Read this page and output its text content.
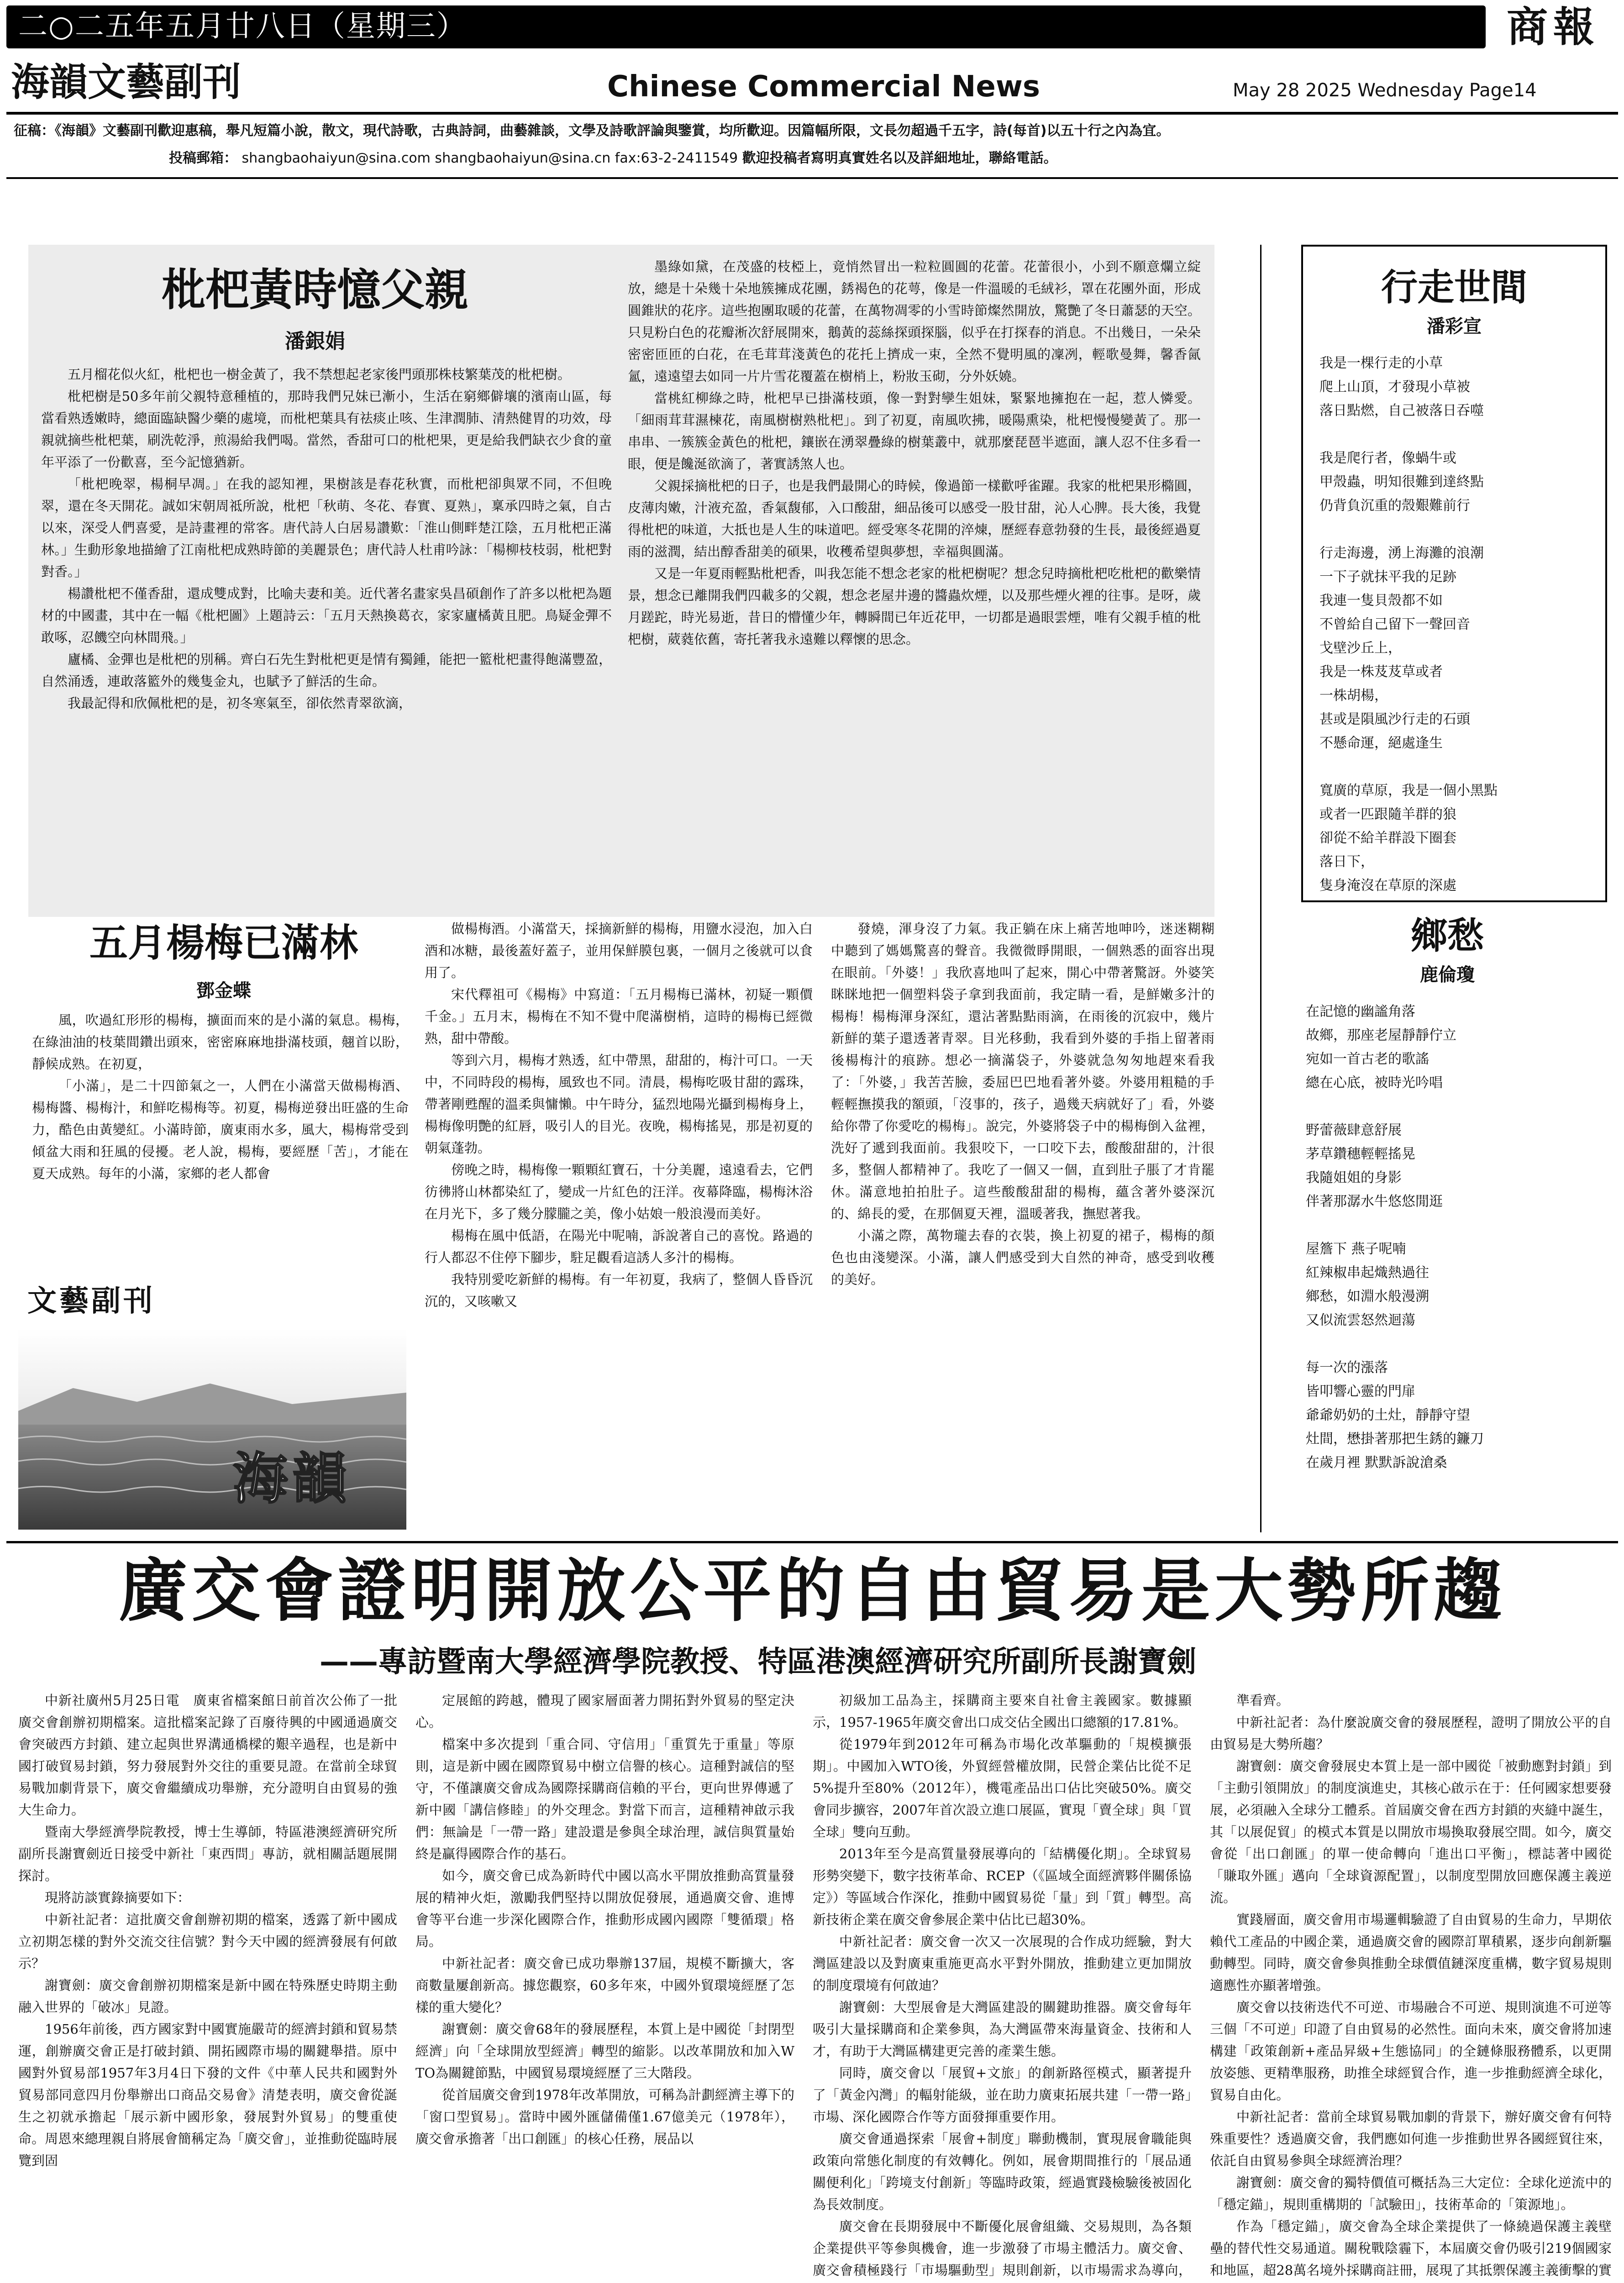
二○二五年五月廿八日（星期三）	商報
海韻文藝副刊	Chinese Commercial News	May 28 2025 Wednesday Page14
征稿：《海韻》文藝副刊歡迎惠稿，舉凡短篇小說，散文，現代詩歌，古典詩詞，曲藝雜談，文學及詩歌評論與鑒賞，均所歡迎。因篇幅所限，文長勿超過千五字，詩(每首)以五十行之內為宜。
投稿郵箱： shangbaohaiyun@sina.com shangbaohaiyun@sina.cn fax:63-2-2411549 歡迎投稿者寫明真實姓名以及詳細地址，聯絡電話。
枇杷黃時憶父親
潘銀娟
五月榴花似火紅，枇杷也一樹金黃了，我不禁想起老家後門頭那株枝繁葉茂的枇杷樹。
枇杷樹是50多年前父親特意種植的，那時我們兄妹已漸小，生活在窮鄉僻壤的濱南山區，每當看熟透嫩時，總面臨缺醫少藥的處境，而枇杷葉具有祛痰止咳、生津潤肺、清熱健胃的功效，母親就摘些枇杷葉，刷洗乾淨，煎湯給我們喝。當然，香甜可口的枇杷果，更是給我們缺衣少食的童年平添了一份歡喜，至今記憶猶新。
「枇杷晚翠，楊桐早凋。」在我的認知裡，果樹該是春花秋實，而枇杷卻與眾不同，不但晚翠，還在冬天開花。誠如宋朝周祗所說，枇杷「秋萌、冬花、春實、夏熟」，稟承四時之氣，自古以來，深受人們喜愛，是詩畫裡的常客。唐代詩人白居易讚歎：「淮山側畔楚江陰，五月枇杷正滿林。」生動形象地描繪了江南枇杷成熟時節的美麗景色；唐代詩人杜甫吟詠：「楊柳枝枝弱，枇杷對對香。」
楊讚枇杷不僅香甜，還成雙成對，比喻夫妻和美。近代著名畫家吳昌碩創作了許多以枇杷為題材的中國畫，其中在一幅《枇杷圖》上題詩云：「五月天熱換葛衣，家家廬橘黃且肥。鳥疑金彈不敢啄，忍饑空向林間飛。」
廬橘、金彈也是枇杷的別稱。齊白石先生對枇杷更是情有獨鍾，能把一籃枇杷畫得飽滿豐盈，自然涌透，連敢落籃外的幾隻金丸，也賦予了鮮活的生命。
我最記得和欣佩枇杷的是，初冬寒氣至，卻依然青翠欲滴，
墨綠如黛，在茂盛的枝椏上，竟悄然冒出一粒粒圓圓的花蕾。花蕾很小，小到不願意爛立綻放，總是十朵幾十朵地簇擁成花團，銹褐色的花萼，像是一件溫暖的毛絨衫，罩在花團外面，形成圓錐狀的花序。這些抱團取暖的花蕾，在萬物凋零的小雪時節燦然開放，驚艷了冬日蕭瑟的天空。只見粉白色的花瓣淅次舒展開來，鵝黃的蕊絲探頭探腦，似乎在打探春的消息。不出幾日，一朵朵密密匝匝的白花，在毛茸茸淺黃色的花托上擠成一束，全然不覺明風的凜冽，輕歌曼舞，馨香氤氳，遠遠望去如同一片片雪花覆蓋在樹梢上，粉妝玉砌，分外妖嬈。
當桃紅柳綠之時，枇杷早已掛滿枝頭，像一對對孿生姐妹，緊緊地擁抱在一起，惹人憐愛。「細雨茸茸濕楝花，南風樹樹熟枇杷」。到了初夏，南風吹拂，暖陽熏染，枇杷慢慢變黃了。那一串串、一簇簇金黃色的枇杷，鑲嵌在湧翠疊綠的樹葉叢中，就那麼琵琶半遮面，讓人忍不住多看一眼，便是饞涎欲滴了，著實誘煞人也。
父親採摘枇杷的日子，也是我們最開心的時候，像過節一樣歡呼雀躍。我家的枇杷果形橢圓，皮薄肉嫩，汁液充盈，香氣馥郁，入口酸甜，細品後可以感受一股甘甜，沁人心脾。長大後，我覺得枇杷的味道，大抵也是人生的味道吧。經受寒冬花開的淬煉，歷經春意勃發的生長，最後經過夏雨的滋潤，結出醇香甜美的碩果，收穫希望與夢想，幸福與圓滿。
又是一年夏雨輕點枇杷香，叫我怎能不想念老家的枇杷樹呢？想念兒時摘枇杷吃枇杷的歡樂情景，想念已離開我們四載多的父親，想念老屋井邊的醬蟲炊煙，以及那些煙火裡的往事。是呀，歲月蹉跎，時光易逝，昔日的懵懂少年，轉瞬間已年近花甲，一切都是過眼雲煙，唯有父親手植的枇杷樹，葳蕤依舊，寄托著我永遠難以釋懷的思念。
行走世間
潘彩宣
我是一棵行走的小草
爬上山頂，才發現小草被
落日點燃，自己被落日吞噬

我是爬行者，像蝸牛或
甲殼蟲，明知很難到達終點
仍背負沉重的殼艱難前行

行走海邊，湧上海灘的浪潮
一下子就抹平我的足跡
我連一隻貝殼都不如
不曾給自己留下一聲回音
戈壁沙丘上，
我是一株芨芨草或者
一株胡楊，
甚或是隕風沙行走的石頭
不懸命運，絕處逢生

寬廣的草原，我是一個小黑點
或者一匹跟隨羊群的狼
卻從不給羊群設下圈套
落日下，
隻身淹沒在草原的深處
五月楊梅已滿林
鄧金蝶
風，吹過紅形形的楊梅，擴面而來的是小滿的氣息。楊梅，在綠油油的枝葉間鑽出頭來，密密麻麻地掛滿枝頭，翹首以盼，靜候成熟。在初夏，
「小滿」，是二十四節氣之一，人們在小滿當天做楊梅酒、楊梅醬、楊梅汁，和鮮吃楊梅等。初夏，楊梅逆發出旺盛的生命力，酷色由黃變紅。小滿時節，廣東雨水多，風大，楊梅常受到傾盆大雨和狂風的侵擾。老人說，楊梅，要經歷「苦」，才能在夏天成熟。每年的小滿，家鄉的老人都會
做楊梅酒。小滿當天，採摘新鮮的楊梅，用鹽水浸泡，加入白酒和冰糖，最後蓋好蓋子，並用保鮮膜包裏，一個月之後就可以食用了。
宋代釋祖可《楊梅》中寫道：「五月楊梅已滿林，初疑一顆價千金。」五月末，楊梅在不知不覺中爬滿樹梢，這時的楊梅已經微熟，甜中帶酸。
等到六月，楊梅才熟透，紅中帶黑，甜甜的，梅汁可口。一天中，不同時段的楊梅，風致也不同。清晨，楊梅吃吸甘甜的露珠，帶著剛甦醒的溫柔與慵懶。中午時分，猛烈地陽光攝到楊梅身上，楊梅像明艷的紅唇，吸引人的目光。夜晚，楊梅搖晃，那是初夏的朝氣蓬勃。
傍晚之時，楊梅像一顆顆紅寶石，十分美麗，遠遠看去，它們彷彿將山林都染紅了，變成一片紅色的汪洋。夜幕降臨，楊梅沐浴在月光下，多了幾分朦朧之美，像小姑娘一般浪漫而美好。
楊梅在風中低語，在陽光中呢喃，訴說著自己的喜悅。路過的行人都忍不住停下腳步，駐足觀看這誘人多汁的楊梅。
我特別愛吃新鮮的楊梅。有一年初夏，我病了，整個人昏昏沉沉的，又咳嗽又
發燒，渾身沒了力氣。我正躺在床上痛苦地呻吟，迷迷糊糊中聽到了媽媽驚喜的聲音。我微微睜開眼，一個熟悉的面容出現在眼前。「外婆！」我欣喜地叫了起來，開心中帶著驚訝。外婆笑眯眯地把一個塑料袋子拿到我面前，我定睛一看，是鮮嫩多汁的楊梅！楊梅渾身深紅，還沾著點點雨滴，在雨後的沉寂中，幾片新鮮的葉子還透著青翠。目光移動，我看到外婆的手指上留著雨後楊梅汁的痕跡。想必一摘滿袋子，外婆就急匆匆地趕來看我了：「外婆，」我苦苦臉，委屈巴巴地看著外婆。外婆用粗糙的手輕輕撫摸我的額頭，「沒事的，孩子，過幾天病就好了」看，外婆給你帶了你愛吃的楊梅」。說完，外婆將袋子中的楊梅倒入盆裡，洗好了遞到我面前。我狠咬下，一口咬下去，酸酸甜甜的，汁很多，整個人都精神了。我吃了一個又一個，直到肚子脹了才肯罷休。滿意地拍拍肚子。這些酸酸甜甜的楊梅，蘊含著外婆深沉的、綿長的愛，在那個夏天裡，溫暖著我，撫慰著我。
小滿之際，萬物瓏去春的衣裝，換上初夏的裙子，楊梅的顏色也由淺變深。小滿，讓人們感受到大自然的神奇，感受到收穫的美好。
文藝副刊
海韻
鄉愁
鹿倫瓊
在記憶的幽謐角落
故鄉，那座老屋靜靜佇立
宛如一首古老的歌謠
總在心底，被時光吟唱

野蕾薇肆意舒展
茅草鑽穗輕輕搖晃
我隨姐姐的身影
伴著那潺水牛悠悠閒逛

屋簷下 燕子呢喃
紅辣椒串起熾熱過往
鄉愁，如淵水般漫溯
又似流雲怒然迴蕩

每一次的漲落
皆叩響心靈的門扉
爺爺奶奶的土灶，靜靜守望
灶間，懋掛著那把生銹的鐮刀
在歲月裡 默默訴說滄桑
廣交會證明開放公平的自由貿易是大勢所趨
——專訪暨南大學經濟學院教授、特區港澳經濟研究所副所長謝寶劍
中新社廣州5月25日電　廣東省檔案館日前首次公佈了一批廣交會創辦初期檔案。這批檔案記錄了百廢待興的中國通過廣交會突破西方封鎖、建立起與世界溝通橋樑的艱辛過程，也是新中國打破貿易封鎖，努力發展對外交往的重要見證。在當前全球貿易戰加劇背景下，廣交會繼續成功舉辦，充分證明自由貿易的強大生命力。
暨南大學經濟學院教授，博士生導師，特區港澳經濟研究所副所長謝寶劍近日接受中新社「東西問」專訪，就相關話題展開探討。
現將訪談實錄摘要如下：
中新社記者：這批廣交會創辦初期的檔案，透露了新中國成立初期怎樣的對外交流交往信號？對今天中國的經濟發展有何啟示？
謝寶劍：廣交會創辦初期檔案是新中國在特殊歷史時期主動融入世界的「破冰」見證。
1956年前後，西方國家對中國實施嚴苛的經濟封鎖和貿易禁運，創辦廣交會正是打破封鎖、開拓國際市場的關鍵舉措。原中國對外貿易部1957年3月4日下發的文件《中華人民共和國對外貿易部同意四月份舉辦出口商品交易會》清楚表明，廣交會從誕生之初就承擔起「展示新中國形象，發展對外貿易」的雙重使命。周恩來總理親自將展會簡稱定為「廣交會」，並推動從臨時展覽到固
定展館的跨越，體現了國家層面著力開拓對外貿易的堅定決心。
檔案中多次提到「重合同、守信用」「重質先于重量」等原則，這是新中國在國際貿易中樹立信譽的核心。這種對誠信的堅守，不僅讓廣交會成為國際採購商信賴的平台，更向世界傳遞了新中國「講信修睦」的外交理念。對當下而言，這種精神啟示我們：無論是「一帶一路」建設還是參與全球治理，誠信與質量始終是贏得國際合作的基石。
如今，廣交會已成為新時代中國以高水平開放推動高質量發展的精神火炬，激勵我們堅持以開放促發展，通過廣交會、進博會等平台進一步深化國際合作，推動形成國內國際「雙循環」格局。
中新社記者：廣交會已成功舉辦137屆，規模不斷擴大，客商數量屢創新高。據您觀察，60多年來，中國外貿環境經歷了怎樣的重大變化？
謝寶劍：廣交會68年的發展歷程，本質上是中國從「封閉型經濟」向「全球開放型經濟」轉型的縮影。以改革開放和加入WTO為關鍵節點，中國貿易環境經歷了三大階段。
從首屆廣交會到1978年改革開放，可稱為計劃經濟主導下的「窗口型貿易」。當時中國外匯儲備僅1.67億美元（1978年），廣交會承擔著「出口創匯」的核心任務，展品以
初級加工品為主，採購商主要來自社會主義國家。數據顯示，1957-1965年廣交會出口成交佔全國出口總額的17.81%。
從1979年到2012年可稱為市場化改革驅動的「規模擴張期」。中國加入WTO後，外貿經營權放開，民營企業佔比從不足5%提升至80%（2012年），機電產品出口佔比突破50%。廣交會同步擴容，2007年首次設立進口展區，實現「賣全球」與「買全球」雙向互動。
2013年至今是高質量發展導向的「結構優化期」。全球貿易形勢突變下，數字技術革命、RCEP（《區域全面經濟夥伴關係協定》）等區域合作深化，推動中國貿易從「量」到「質」轉型。高新技術企業在廣交會參展企業中佔比已超30%。
中新社記者：廣交會一次又一次展現的合作成功經驗，對大灣區建設以及對廣東重施更高水平對外開放，推動建立更加開放的制度環境有何啟迪？
謝寶劍：大型展會是大灣區建設的關鍵助推器。廣交會每年吸引大量採購商和企業參與，為大灣區帶來海量資金、技術和人才，有助于大灣區構建更完善的產業生態。
同時，廣交會以「展貿+文旅」的創新路徑模式，顯著提升了「黃金內灣」的輻射能級，並在助力廣東拓展共建「一帶一路」市場、深化國際合作等方面發揮重要作用。
廣交會通過探索「展會+制度」聯動機制，實現展會職能與政策向常態化制度的有效轉化。例如，展會期間推行的「展品通關便利化」「跨境支付創新」等臨時政策，經過實踐檢驗後被固化為長效制度。
廣交會在長期發展中不斷優化展會組織、交易規則，為各類企業提供平等參與機會，進一步激發了市場主體活力。廣交會、廣交會積極踐行「市場驅動型」規則創新，以市場需求為導向，
準看齊。
中新社記者：為什麼說廣交會的發展歷程，證明了開放公平的自由貿易是大勢所趨？
謝寶劍：廣交會發展史本質上是一部中國從「被動應對封鎖」到「主動引領開放」的制度演進史，其核心啟示在于：任何國家想要發展，必須融入全球分工體系。首屆廣交會在西方封鎖的夾縫中誕生，其「以展促貿」的模式本質是以開放市場換取發展空間。如今，廣交會從「出口創匯」的單一使命轉向「進出口平衡」，標誌著中國從「賺取外匯」邁向「全球資源配置」，以制度型開放回應保護主義逆流。
實踐層面，廣交會用市場邏輯驗證了自由貿易的生命力，早期依賴代工產品的中國企業，通過廣交會的國際訂單積累，逐步向創新驅動轉型。同時，廣交會參與推動全球價值鏈深度重構，數字貿易規則適應性亦顯著增強。
廣交會以技術迭代不可逆、市場融合不可逆、規則演進不可逆等三個「不可逆」印證了自由貿易的必然性。面向未來，廣交會將加速構建「政策創新+產品昇級+生態協同」的全鏈條服務體系，以更開放姿態、更精準服務，助推全球經貿合作，進一步推動經濟全球化，貿易自由化。
中新社記者：當前全球貿易戰加劇的背景下，辦好廣交會有何特殊重要性？透過廣交會，我們應如何進一步推動世界各國經貿往來，依託自由貿易參與全球經濟治理？
謝寶劍：廣交會的獨特價值可概括為三大定位：全球化逆流中的「穩定錨」，規則重構期的「試驗田」，技術革命的「策源地」。
作為「穩定錨」，廣交會為全球企業提供了一條繞過保護主義壁壘的替代性交易通道。關稅戰陰霾下，本屆廣交會仍吸引219個國家和地區，超28萬名境外採購商註冊，展現了其抵禦保護主義衝擊的實
